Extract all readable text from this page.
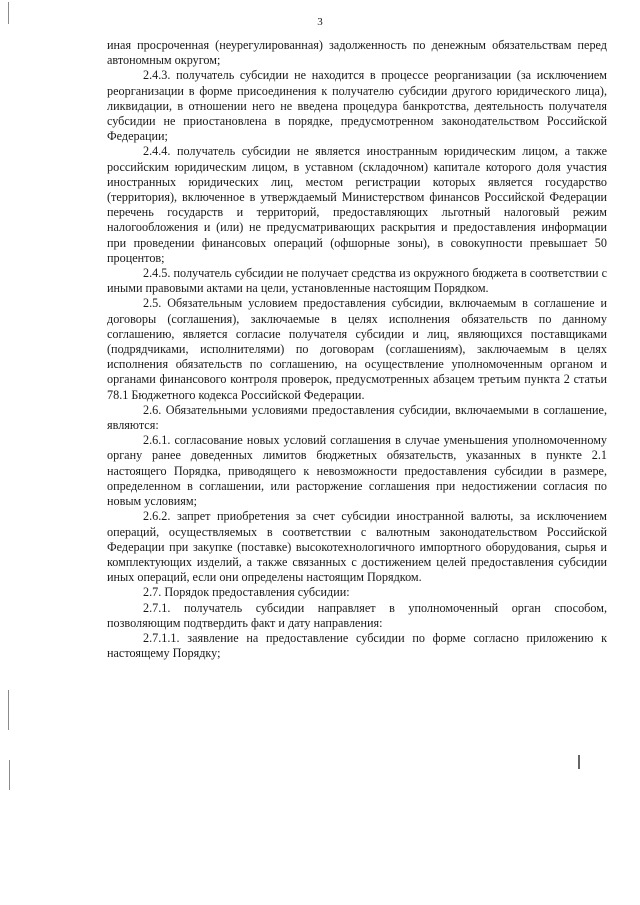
3

иная просроченная (неурегулированная) задолженность по денежным обязательствам перед автономным округом;

2.4.3. получатель субсидии не находится в процессе реорганизации (за исключением реорганизации в форме присоединения к получателю субсидии другого юридического лица), ликвидации, в отношении него не введена процедура банкротства, деятельность получателя субсидии не приостановлена в порядке, предусмотренном законодательством Российской Федерации;

2.4.4. получатель субсидии не является иностранным юридическим лицом, а также российским юридическим лицом, в уставном (складочном) капитале которого доля участия иностранных юридических лиц, местом регистрации которых является государство (территория), включенное в утверждаемый Министерством финансов Российской Федерации перечень государств и территорий, предоставляющих льготный налоговый режим налогообложения и (или) не предусматривающих раскрытия и предоставления информации при проведении финансовых операций (офшорные зоны), в совокупности превышает 50 процентов;

2.4.5. получатель субсидии не получает средства из окружного бюджета в соответствии с иными правовыми актами на цели, установленные настоящим Порядком.

2.5. Обязательным условием предоставления субсидии, включаемым в соглашение и договоры (соглашения), заключаемые в целях исполнения обязательств по данному соглашению, является согласие получателя субсидии и лиц, являющихся поставщиками (подрядчиками, исполнителями) по договорам (соглашениям), заключаемым в целях исполнения обязательств по соглашению, на осуществление уполномоченным органом и органами финансового контроля проверок, предусмотренных абзацем третьим пункта 2 статьи 78.1 Бюджетного кодекса Российской Федерации.

2.6. Обязательными условиями предоставления субсидии, включаемыми в соглашение, являются:

2.6.1. согласование новых условий соглашения в случае уменьшения уполномоченному органу ранее доведенных лимитов бюджетных обязательств, указанных в пункте 2.1 настоящего Порядка, приводящего к невозможности предоставления субсидии в размере, определенном в соглашении, или расторжение соглашения при недостижении согласия по новым условиям;

2.6.2. запрет приобретения за счет субсидии иностранной валюты, за исключением операций, осуществляемых в соответствии с валютным законодательством Российской Федерации при закупке (поставке) высокотехнологичного импортного оборудования, сырья и комплектующих изделий, а также связанных с достижением целей предоставления субсидии иных операций, если они определены настоящим Порядком.

2.7. Порядок предоставления субсидии:

2.7.1. получатель субсидии направляет в уполномоченный орган способом, позволяющим подтвердить факт и дату направления:

2.7.1.1. заявление на предоставление субсидии по форме согласно приложению к настоящему Порядку;
